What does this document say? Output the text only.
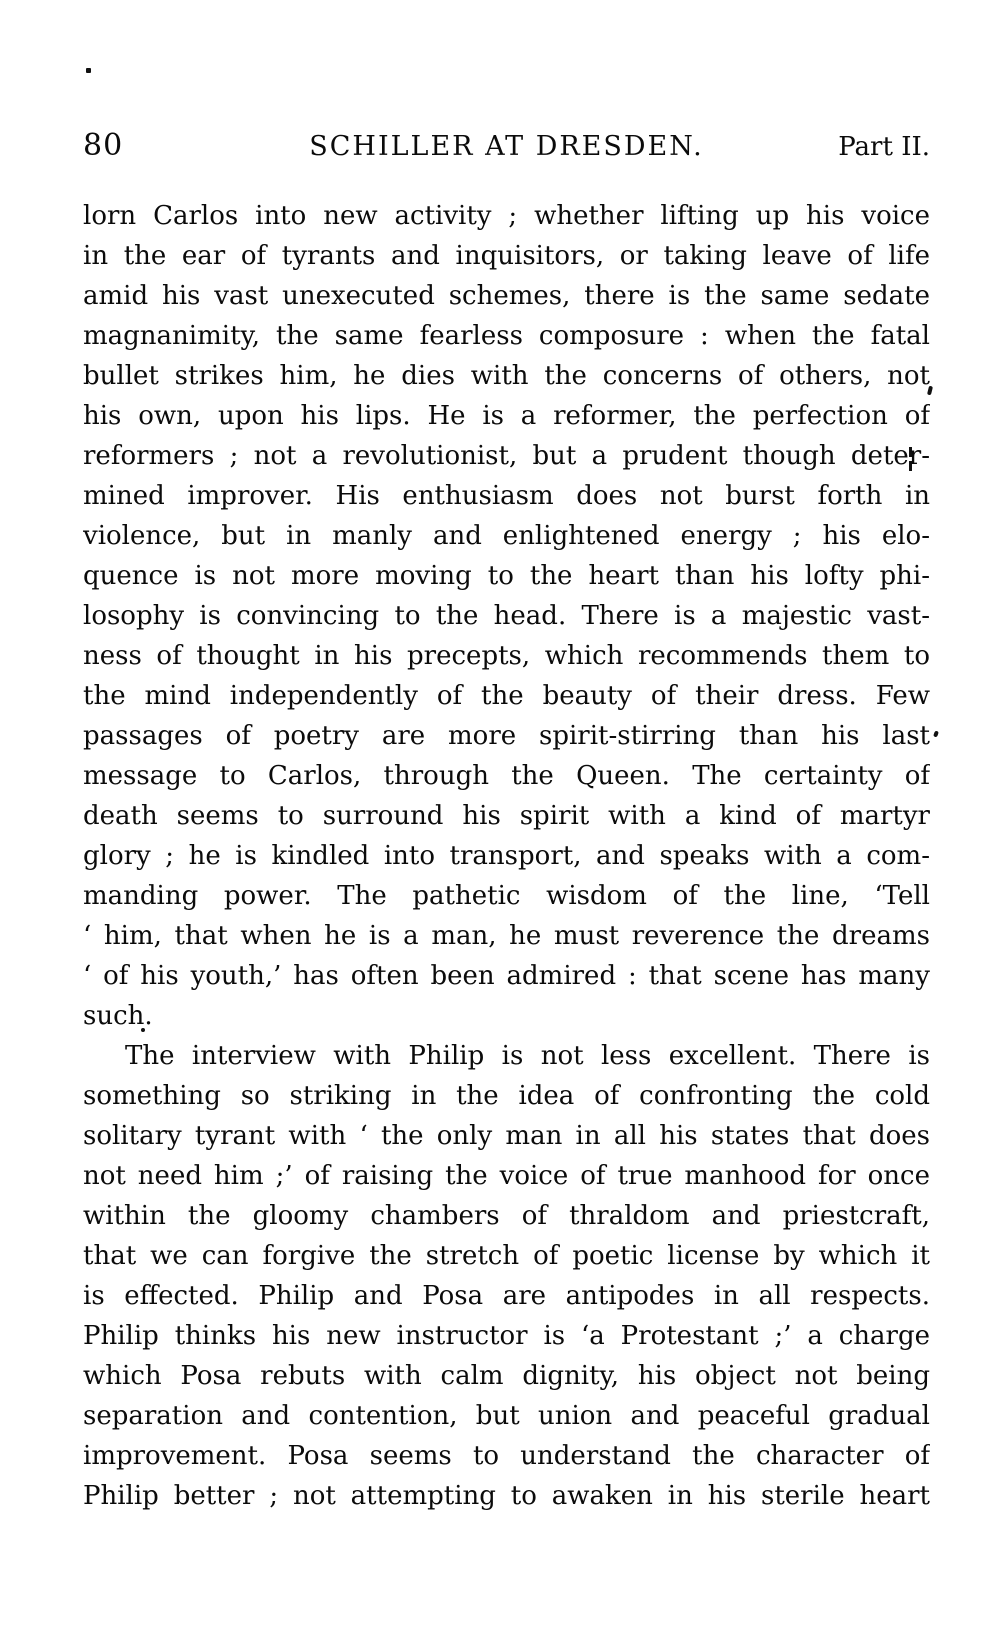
80	SCHILLER AT DRESDEN.	Part II.
lorn Carlos into new activity ; whether lifting up his voice
in the ear of tyrants and inquisitors, or taking leave of life
amid his vast unexecuted schemes, there is the same sedate
magnanimity, the same fearless composure : when the fatal
bullet strikes him, he dies with the concerns of others, not
his own, upon his lips. He is a reformer, the perfection of
reformers ; not a revolutionist, but a prudent though deter-
mined improver. His enthusiasm does not burst forth in
violence, but in manly and enlightened energy ; his elo-
quence is not more moving to the heart than his lofty phi-
losophy is convincing to the head. There is a majestic vast-
ness of thought in his precepts, which recommends them to
the mind independently of the beauty of their dress. Few
passages of poetry are more spirit-stirring than his last
message to Carlos, through the Queen. The certainty of
death seems to surround his spirit with a kind of martyr
glory ; he is kindled into transport, and speaks with a com-
manding power. The pathetic wisdom of the line, ‘Tell
‘ him, that when he is a man, he must reverence the dreams
‘ of his youth,’ has often been admired : that scene has many
such.
The interview with Philip is not less excellent. There is
something so striking in the idea of confronting the cold
solitary tyrant with ‘ the only man in all his states that does
not need him ;’ of raising the voice of true manhood for once
within the gloomy chambers of thraldom and priestcraft,
that we can forgive the stretch of poetic license by which it
is effected. Philip and Posa are antipodes in all respects.
Philip thinks his new instructor is ‘a Protestant ;’ a charge
which Posa rebuts with calm dignity, his object not being
separation and contention, but union and peaceful gradual
improvement. Posa seems to understand the character of
Philip better ; not attempting to awaken in his sterile heart
